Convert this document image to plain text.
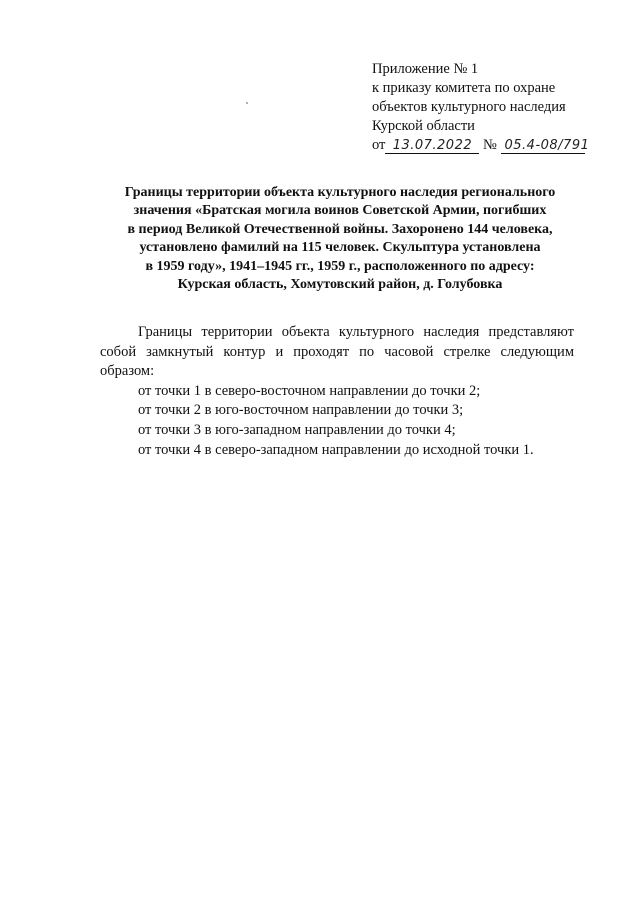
Приложение № 1
к приказу комитета по охране
объектов культурного наследия
Курской области
от 13.07.2022 № 05.4-08/791
Границы территории объекта культурного наследия регионального
значения «Братская могила воинов Советской Армии, погибших
в период Великой Отечественной войны. Захоронено 144 человека,
установлено фамилий на 115 человек. Скульптура установлена
в 1959 году», 1941–1945 гг., 1959 г., расположенного по адресу:
Курская область, Хомутовский район, д. Голубовка

Границы территории объекта культурного наследия представляют собой замкнутый контур и проходят по часовой стрелке следующим образом:

от точки 1 в северо-восточном направлении до точки 2;

от точки 2 в юго-восточном направлении до точки 3;

от точки 3 в юго-западном направлении до точки 4;

от точки 4 в северо-западном направлении до исходной точки 1.
